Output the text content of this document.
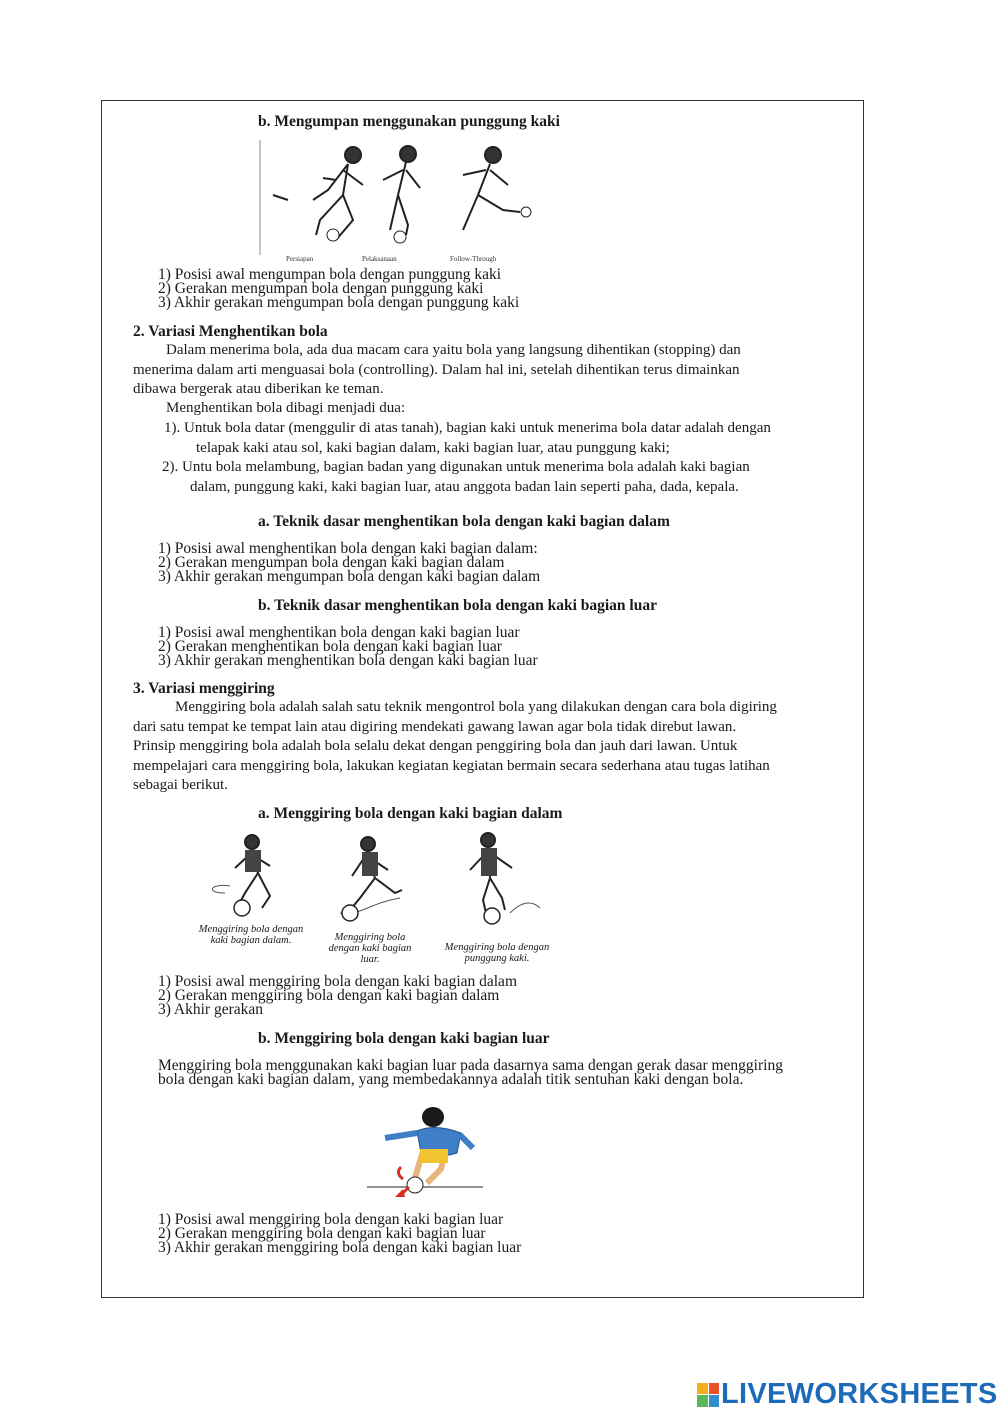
b. Mengumpan menggunakan punggung kaki
Persiapan	Pelaksanaan	Follow-Through
1) Posisi awal mengumpan bola dengan punggung kaki
2) Gerakan mengumpan bola dengan punggung kaki
3) Akhir gerakan mengumpan bola dengan punggung kaki
2. Variasi Menghentikan bola
Dalam menerima bola, ada dua macam cara yaitu bola yang langsung dihentikan (stopping) dan
menerima dalam arti menguasai bola (controlling). Dalam hal ini, setelah dihentikan terus dimainkan
dibawa bergerak atau diberikan ke teman.
Menghentikan bola dibagi menjadi dua:
1). Untuk bola datar (menggulir di atas tanah), bagian kaki untuk menerima bola datar adalah dengan
telapak kaki atau sol, kaki bagian dalam, kaki bagian luar, atau punggung kaki;
2). Untu bola melambung, bagian badan yang digunakan untuk menerima bola adalah kaki bagian
dalam, punggung kaki, kaki bagian luar, atau anggota badan lain seperti paha, dada, kepala.
a. Teknik dasar menghentikan bola dengan kaki bagian dalam
1) Posisi awal menghentikan bola dengan kaki bagian dalam:
2) Gerakan mengumpan bola dengan kaki bagian dalam
3) Akhir gerakan mengumpan bola dengan kaki bagian dalam
b. Teknik dasar menghentikan bola dengan kaki bagian luar
1) Posisi awal menghentikan bola dengan kaki bagian luar
2) Gerakan menghentikan bola dengan kaki bagian luar
3) Akhir gerakan menghentikan bola dengan kaki bagian luar
3. Variasi menggiring
Menggiring bola adalah salah satu teknik mengontrol bola yang dilakukan dengan cara bola digiring
dari satu tempat ke tempat lain atau digiring mendekati gawang lawan agar bola tidak direbut lawan.
Prinsip menggiring bola adalah bola selalu dekat dengan penggiring bola dan jauh dari lawan. Untuk
mempelajari cara menggiring bola, lakukan kegiatan kegiatan bermain secara sederhana atau tugas latihan
sebagai berikut.
a. Menggiring bola dengan kaki bagian dalam
Menggiring bola dengan kaki bagian dalam.	Menggiring bola dengan kaki bagian luar.
Menggiring bola dengan punggung kaki.
1) Posisi awal menggiring bola dengan kaki bagian dalam
2) Gerakan menggiring bola dengan kaki bagian dalam
3) Akhir gerakan
b. Menggiring bola dengan kaki bagian luar
Menggiring bola menggunakan kaki bagian luar pada dasarnya sama dengan gerak dasar menggiring
bola dengan kaki bagian dalam, yang membedakannya adalah titik sentuhan kaki dengan bola.
1) Posisi awal menggiring bola dengan kaki bagian luar
2) Gerakan menggiring bola dengan kaki bagian luar
3) Akhir gerakan menggiring bola dengan kaki bagian luar
LIVEWORKSHEETS
